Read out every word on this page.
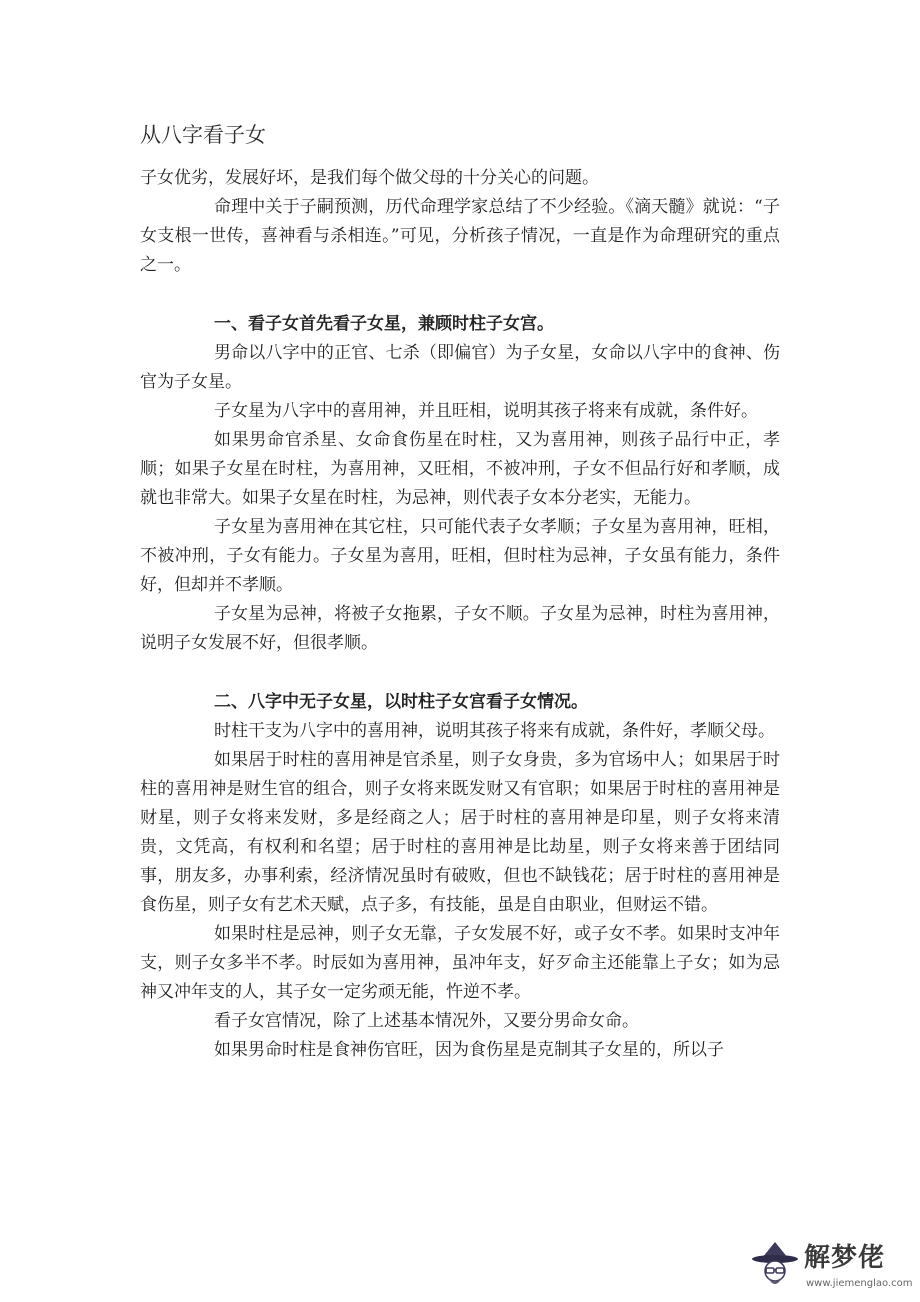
从八字看子女

子女优劣，发展好坏，是我们每个做父母的十分关心的问题。

命理中关于子嗣预测，历代命理学家总结了不少经验。《滴天髓》就说：“子女支根一世传，喜神看与杀相连。”可见，分析孩子情况，一直是作为命理研究的重点之一。

一、看子女首先看子女星，兼顾时柱子女宫。

男命以八字中的正官、七杀（即偏官）为子女星，女命以八字中的食神、伤官为子女星。

子女星为八字中的喜用神，并且旺相，说明其孩子将来有成就，条件好。

如果男命官杀星、女命食伤星在时柱，又为喜用神，则孩子品行中正，孝顺；如果子女星在时柱，为喜用神，又旺相，不被冲刑，子女不但品行好和孝顺，成就也非常大。如果子女星在时柱，为忌神，则代表子女本分老实，无能力。

子女星为喜用神在其它柱，只可能代表子女孝顺；子女星为喜用神，旺相，不被冲刑，子女有能力。子女星为喜用，旺相，但时柱为忌神，子女虽有能力，条件好，但却并不孝顺。

子女星为忌神，将被子女拖累，子女不顺。子女星为忌神，时柱为喜用神，说明子女发展不好，但很孝顺。

二、八字中无子女星，以时柱子女宫看子女情况。

时柱干支为八字中的喜用神，说明其孩子将来有成就，条件好，孝顺父母。

如果居于时柱的喜用神是官杀星，则子女身贵，多为官场中人；如果居于时柱的喜用神是财生官的组合，则子女将来既发财又有官职；如果居于时柱的喜用神是财星，则子女将来发财，多是经商之人；居于时柱的喜用神是印星，则子女将来清贵，文凭高，有权利和名望；居于时柱的喜用神是比劫星，则子女将来善于团结同事，朋友多，办事利索，经济情况虽时有破败，但也不缺钱花；居于时柱的喜用神是食伤星，则子女有艺术天赋，点子多，有技能，虽是自由职业，但财运不错。

如果时柱是忌神，则子女无靠，子女发展不好，或子女不孝。如果时支冲年支，则子女多半不孝。时辰如为喜用神，虽冲年支，好歹命主还能靠上子女；如为忌神又冲年支的人，其子女一定劣顽无能，忤逆不孝。

看子女宫情况，除了上述基本情况外，又要分男命女命。

如果男命时柱是食神伤官旺，因为食伤星是克制其子女星的，所以子

解梦佬
www.jiemenglao.com
